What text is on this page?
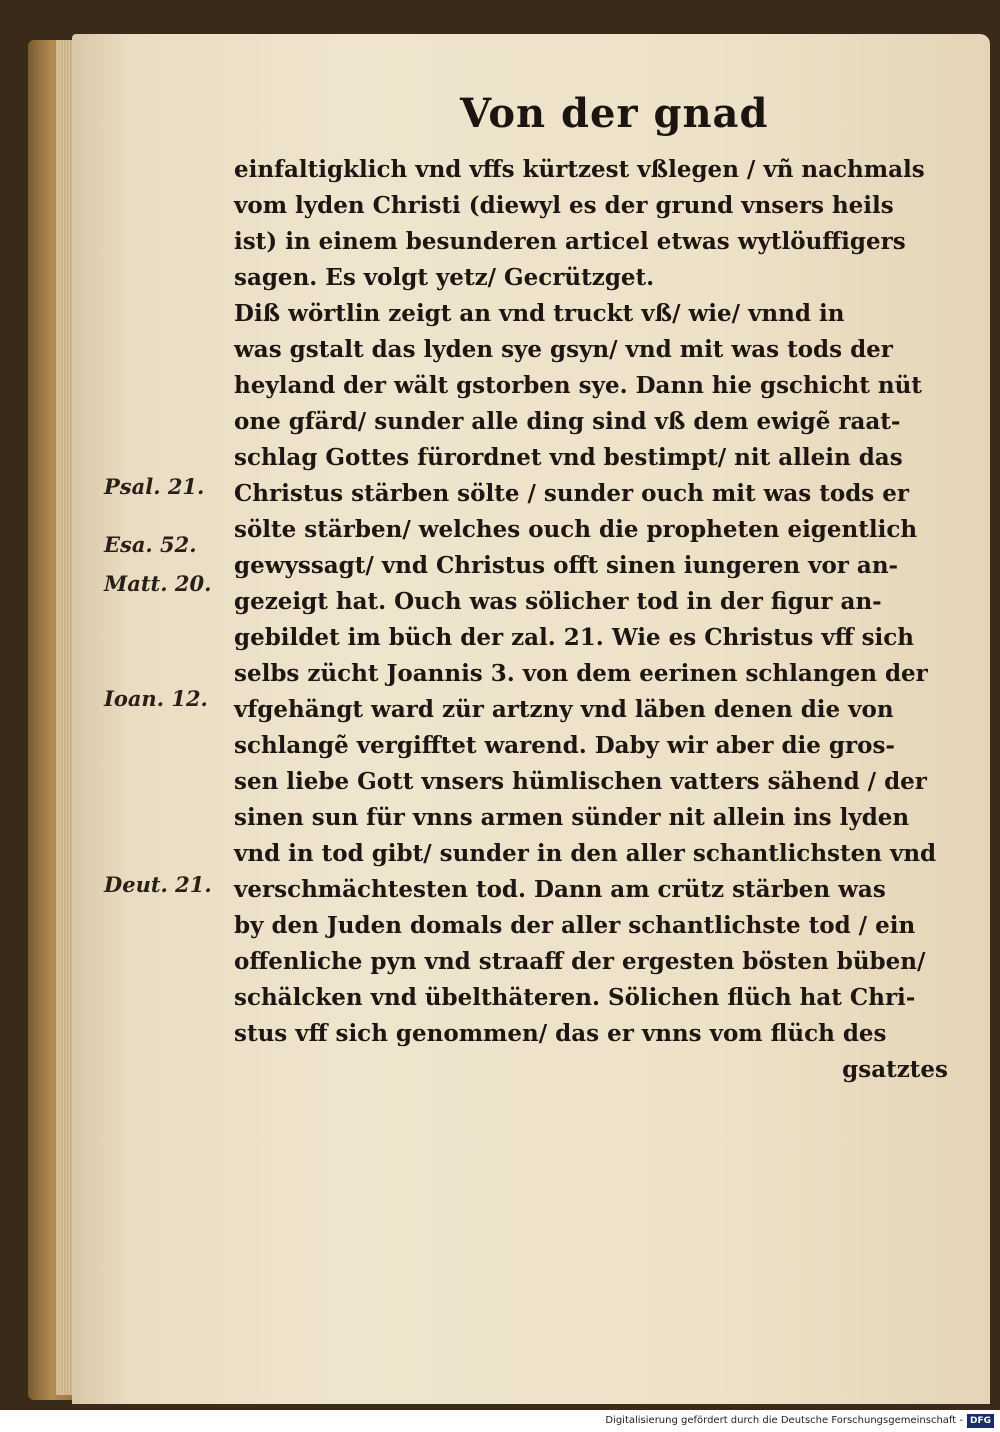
Von der gnad
einfaltigklich vnd vffs kürtzest vßlegen / vñ nachmals
vom lyden Christi (diewyl es der grund vnsers heils
ist) in einem besunderen articel etwas wytlöuffigers
sagen. Es volgt yetz/ Gecrützget.
Diß wörtlin zeigt an vnd truckt vß/ wie/ vnnd in
was gstalt das lyden sye gsyn/ vnd mit was tods der
heyland der wält gstorben sye. Dann hie gschicht nüt
one gfärd/ sunder alle ding sind vß dem ewigẽ raat-
schlag Gottes fürordnet vnd bestimpt/ nit allein das
Christus stärben sölte / sunder ouch mit was tods er
sölte stärben/ welches ouch die propheten eigentlich
gewyssagt/ vnd Christus offt sinen iungeren vor an-
gezeigt hat. Ouch was sölicher tod in der figur an-
gebildet im büch der zal. 21. Wie es Christus vff sich
selbs zücht Joannis 3. von dem eerinen schlangen der
vfgehängt ward zür artzny vnd läben denen die von
schlangẽ vergifftet warend. Daby wir aber die gros-
sen liebe Gott vnsers hümlischen vatters sähend / der
sinen sun für vnns armen sünder nit allein ins lyden
vnd in tod gibt/ sunder in den aller schantlichsten vnd
verschmächtesten tod. Dann am crütz stärben was
by den Juden domals der aller schantlichste tod / ein
offenliche pyn vnd straaff der ergesten bösten büben/
schälcken vnd übelthäteren. Sölichen flüch hat Chri-
stus vff sich genommen/ das er vnns vom flüch des
gsatztes
Psal. 21.
Esa. 52.
Matt. 20.
Ioan. 12.
Deut. 21.
Digitalisierung gefördert durch die Deutsche Forschungsgemeinschaft - DFG
